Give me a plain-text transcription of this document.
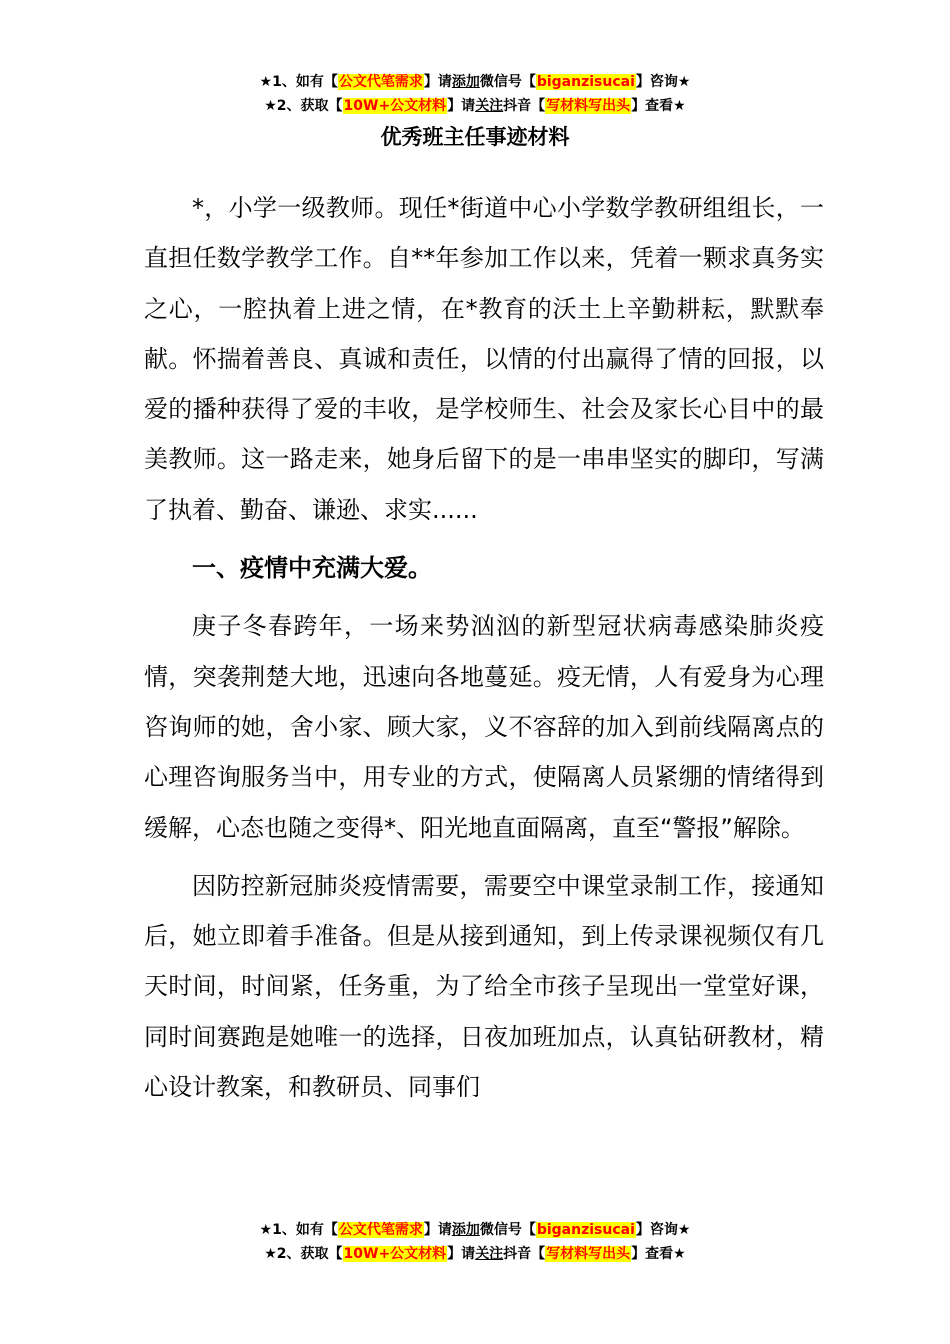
★1、如有【公文代笔需求】请添加微信号【biganzisucai】咨询★
★2、获取【10W+公文材料】请关注抖音【写材料写出头】查看★
优秀班主任事迹材料

*，小学一级教师。现任*街道中心小学数学教研组组长，一直担任数学教学工作。自**年参加工作以来，凭着一颗求真务实之心，一腔执着上进之情，在*教育的沃土上辛勤耕耘，默默奉献。怀揣着善良、真诚和责任，以情的付出赢得了情的回报，以爱的播种获得了爱的丰收，是学校师生、社会及家长心目中的最美教师。这一路走来，她身后留下的是一串串坚实的脚印，写满了执着、勤奋、谦逊、求实......

一、疫情中充满大爱。

庚子冬春跨年，一场来势汹汹的新型冠状病毒感染肺炎疫情，突袭荆楚大地，迅速向各地蔓延。疫无情，人有爱身为心理咨询师的她，舍小家、顾大家，义不容辞的加入到前线隔离点的心理咨询服务当中，用专业的方式，使隔离人员紧绷的情绪得到缓解，心态也随之变得*、阳光地直面隔离，直至“警报”解除。

因防控新冠肺炎疫情需要，需要空中课堂录制工作，接通知后，她立即着手准备。但是从接到通知，到上传录课视频仅有几天时间，时间紧，任务重，为了给全市孩子呈现出一堂堂好课，同时间赛跑是她唯一的选择，日夜加班加点，认真钻研教材，精心设计教案，和教研员、同事们

★1、如有【公文代笔需求】请添加微信号【biganzisucai】咨询★
★2、获取【10W+公文材料】请关注抖音【写材料写出头】查看★
